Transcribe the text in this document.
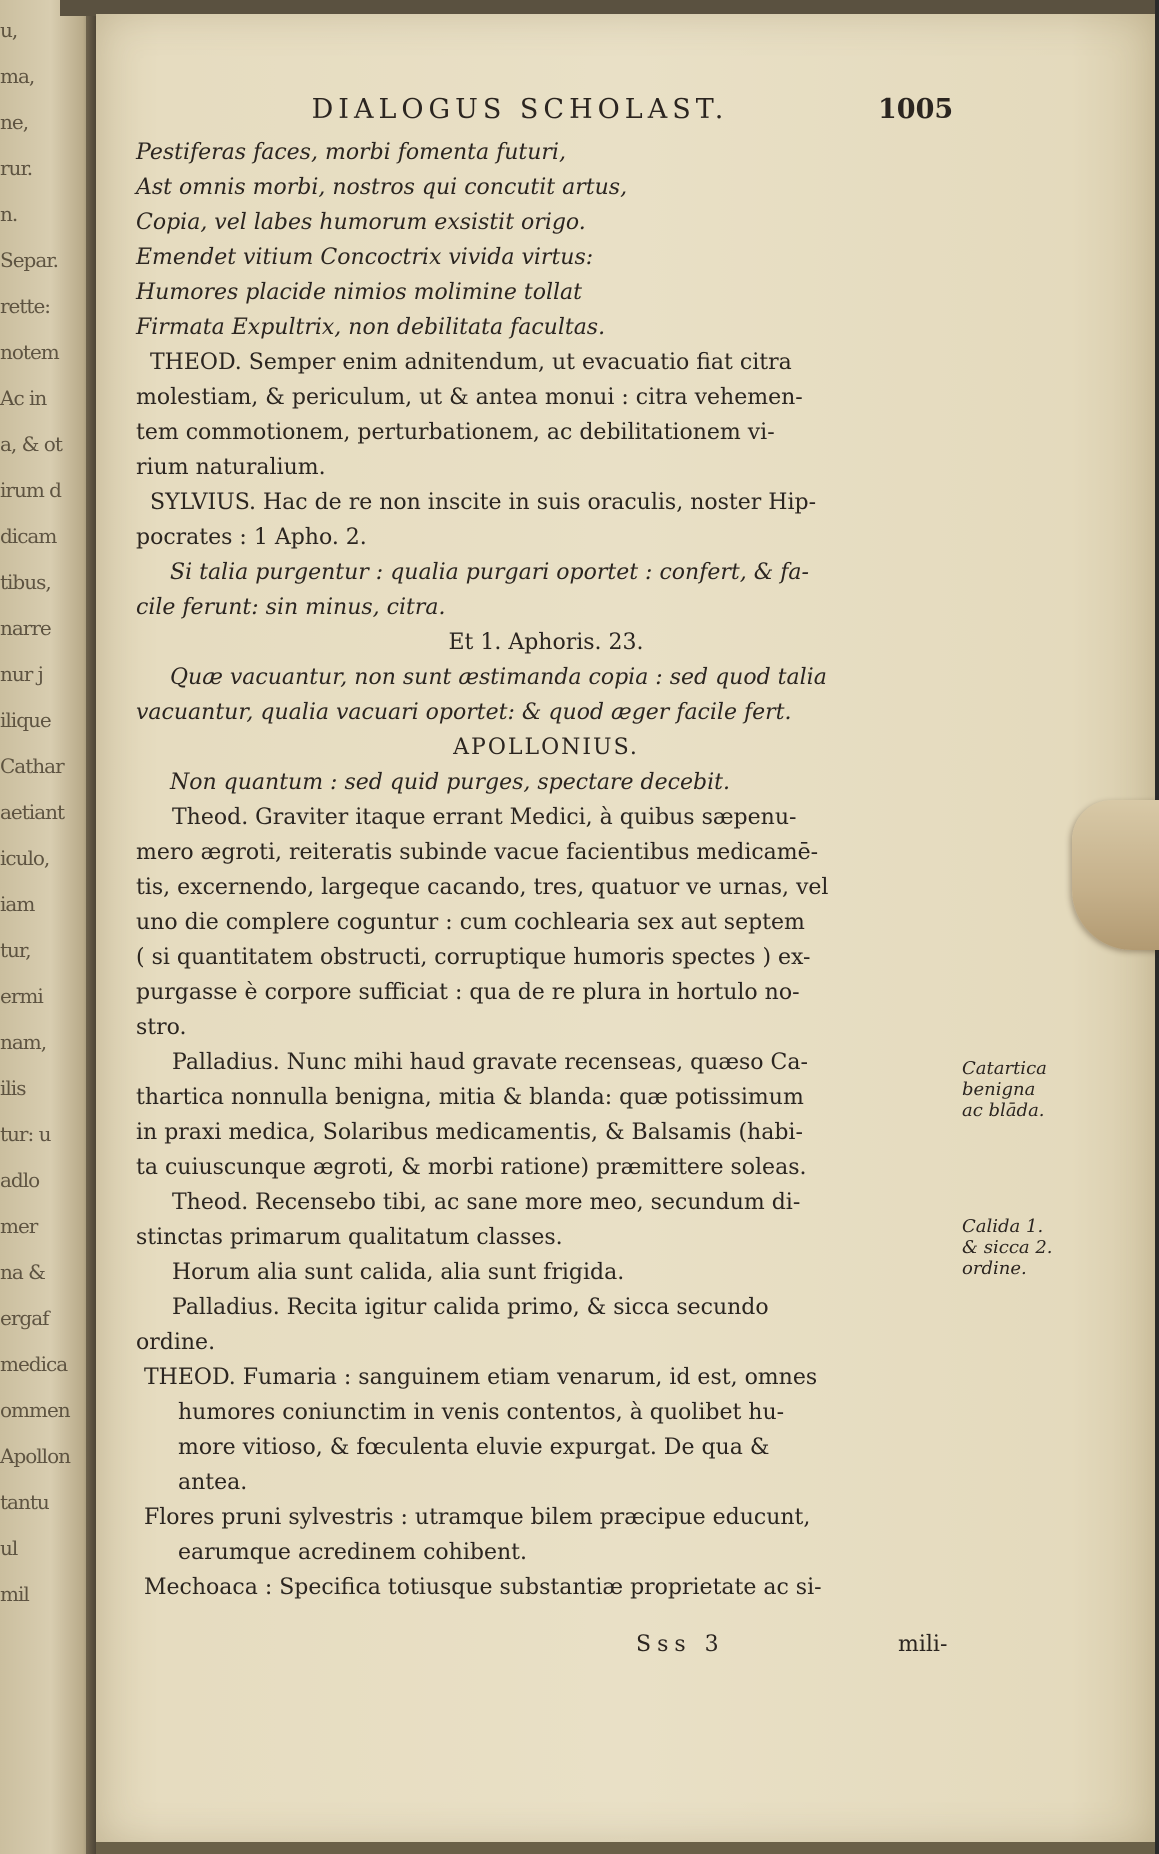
u,
ma,
ne,
rur.
n.
Separ.
rette:
notem
Ac in
a, & ot
irum d
dicam
tibus,
narre
nur j
ilique
Cathar
aetiant
iculo,
iam
tur,
ermi
nam,
ilis
tur: u
adlo
mer
na &
ergaf
medica
ommen
Apollon
tantu
ul
mil
DIALOGUS SCHOLAST.	1005
Pestiferas faces, morbi fomenta futuri,
Ast omnis morbi, nostros qui concutit artus,
Copia, vel labes humorum exsistit origo.
Emendet vitium Concoctrix vivida virtus:
Humores placide nimios molimine tollat
Firmata Expultrix, non debilitata facultas.
THEOD. Semper enim adnitendum, ut evacuatio fiat citra
molestiam, & periculum, ut & antea monui : citra vehemen-
tem commotionem, perturbationem, ac debilitationem vi-
rium naturalium.
SYLVIUS. Hac de re non inscite in suis oraculis, noster Hip-
pocrates : 1 Apho. 2.
Si talia purgentur : qualia purgari oportet : confert, & fa-
cile ferunt: sin minus, citra.
Et 1. Aphoris. 23.
Quæ vacuantur, non sunt æstimanda copia : sed quod talia
vacuantur, qualia vacuari oportet: & quod æger facile fert.
APOLLONIUS.
Non quantum : sed quid purges, spectare decebit.
Theod. Graviter itaque errant Medici, à quibus sæpenu-
mero ægroti, reiteratis subinde vacue facientibus medicamē-
tis, excernendo, largeque cacando, tres, quatuor ve urnas, vel
uno die complere coguntur : cum cochlearia sex aut septem
( si quantitatem obstructi, corruptique humoris spectes ) ex-
purgasse è corpore sufficiat : qua de re plura in hortulo no-
stro.
Palladius. Nunc mihi haud gravate recenseas, quæso Ca-
thartica nonnulla benigna, mitia & blanda: quæ potissimum
in praxi medica, Solaribus medicamentis, & Balsamis (habi-
ta cuiuscunque ægroti, & morbi ratione) præmittere soleas.
Theod. Recensebo tibi, ac sane more meo, secundum di-
stinctas primarum qualitatum classes.
Horum alia sunt calida, alia sunt frigida.
Palladius. Recita igitur calida primo, & sicca secundo
ordine.
THEOD. Fumaria : sanguinem etiam venarum, id est, omnes
humores coniunctim in venis contentos, à quolibet hu-
more vitioso, & fœculenta eluvie expurgat. De qua &
antea.
Flores pruni sylvestris : utramque bilem præcipue educunt,
earumque acredinem cohibent.
Mechoaca : Specifica totiusque substantiæ proprietate ac si-
Catartica
benigna
ac blāda.
Calida 1.
& sicca 2.
ordine.
Sss 3	mili-
